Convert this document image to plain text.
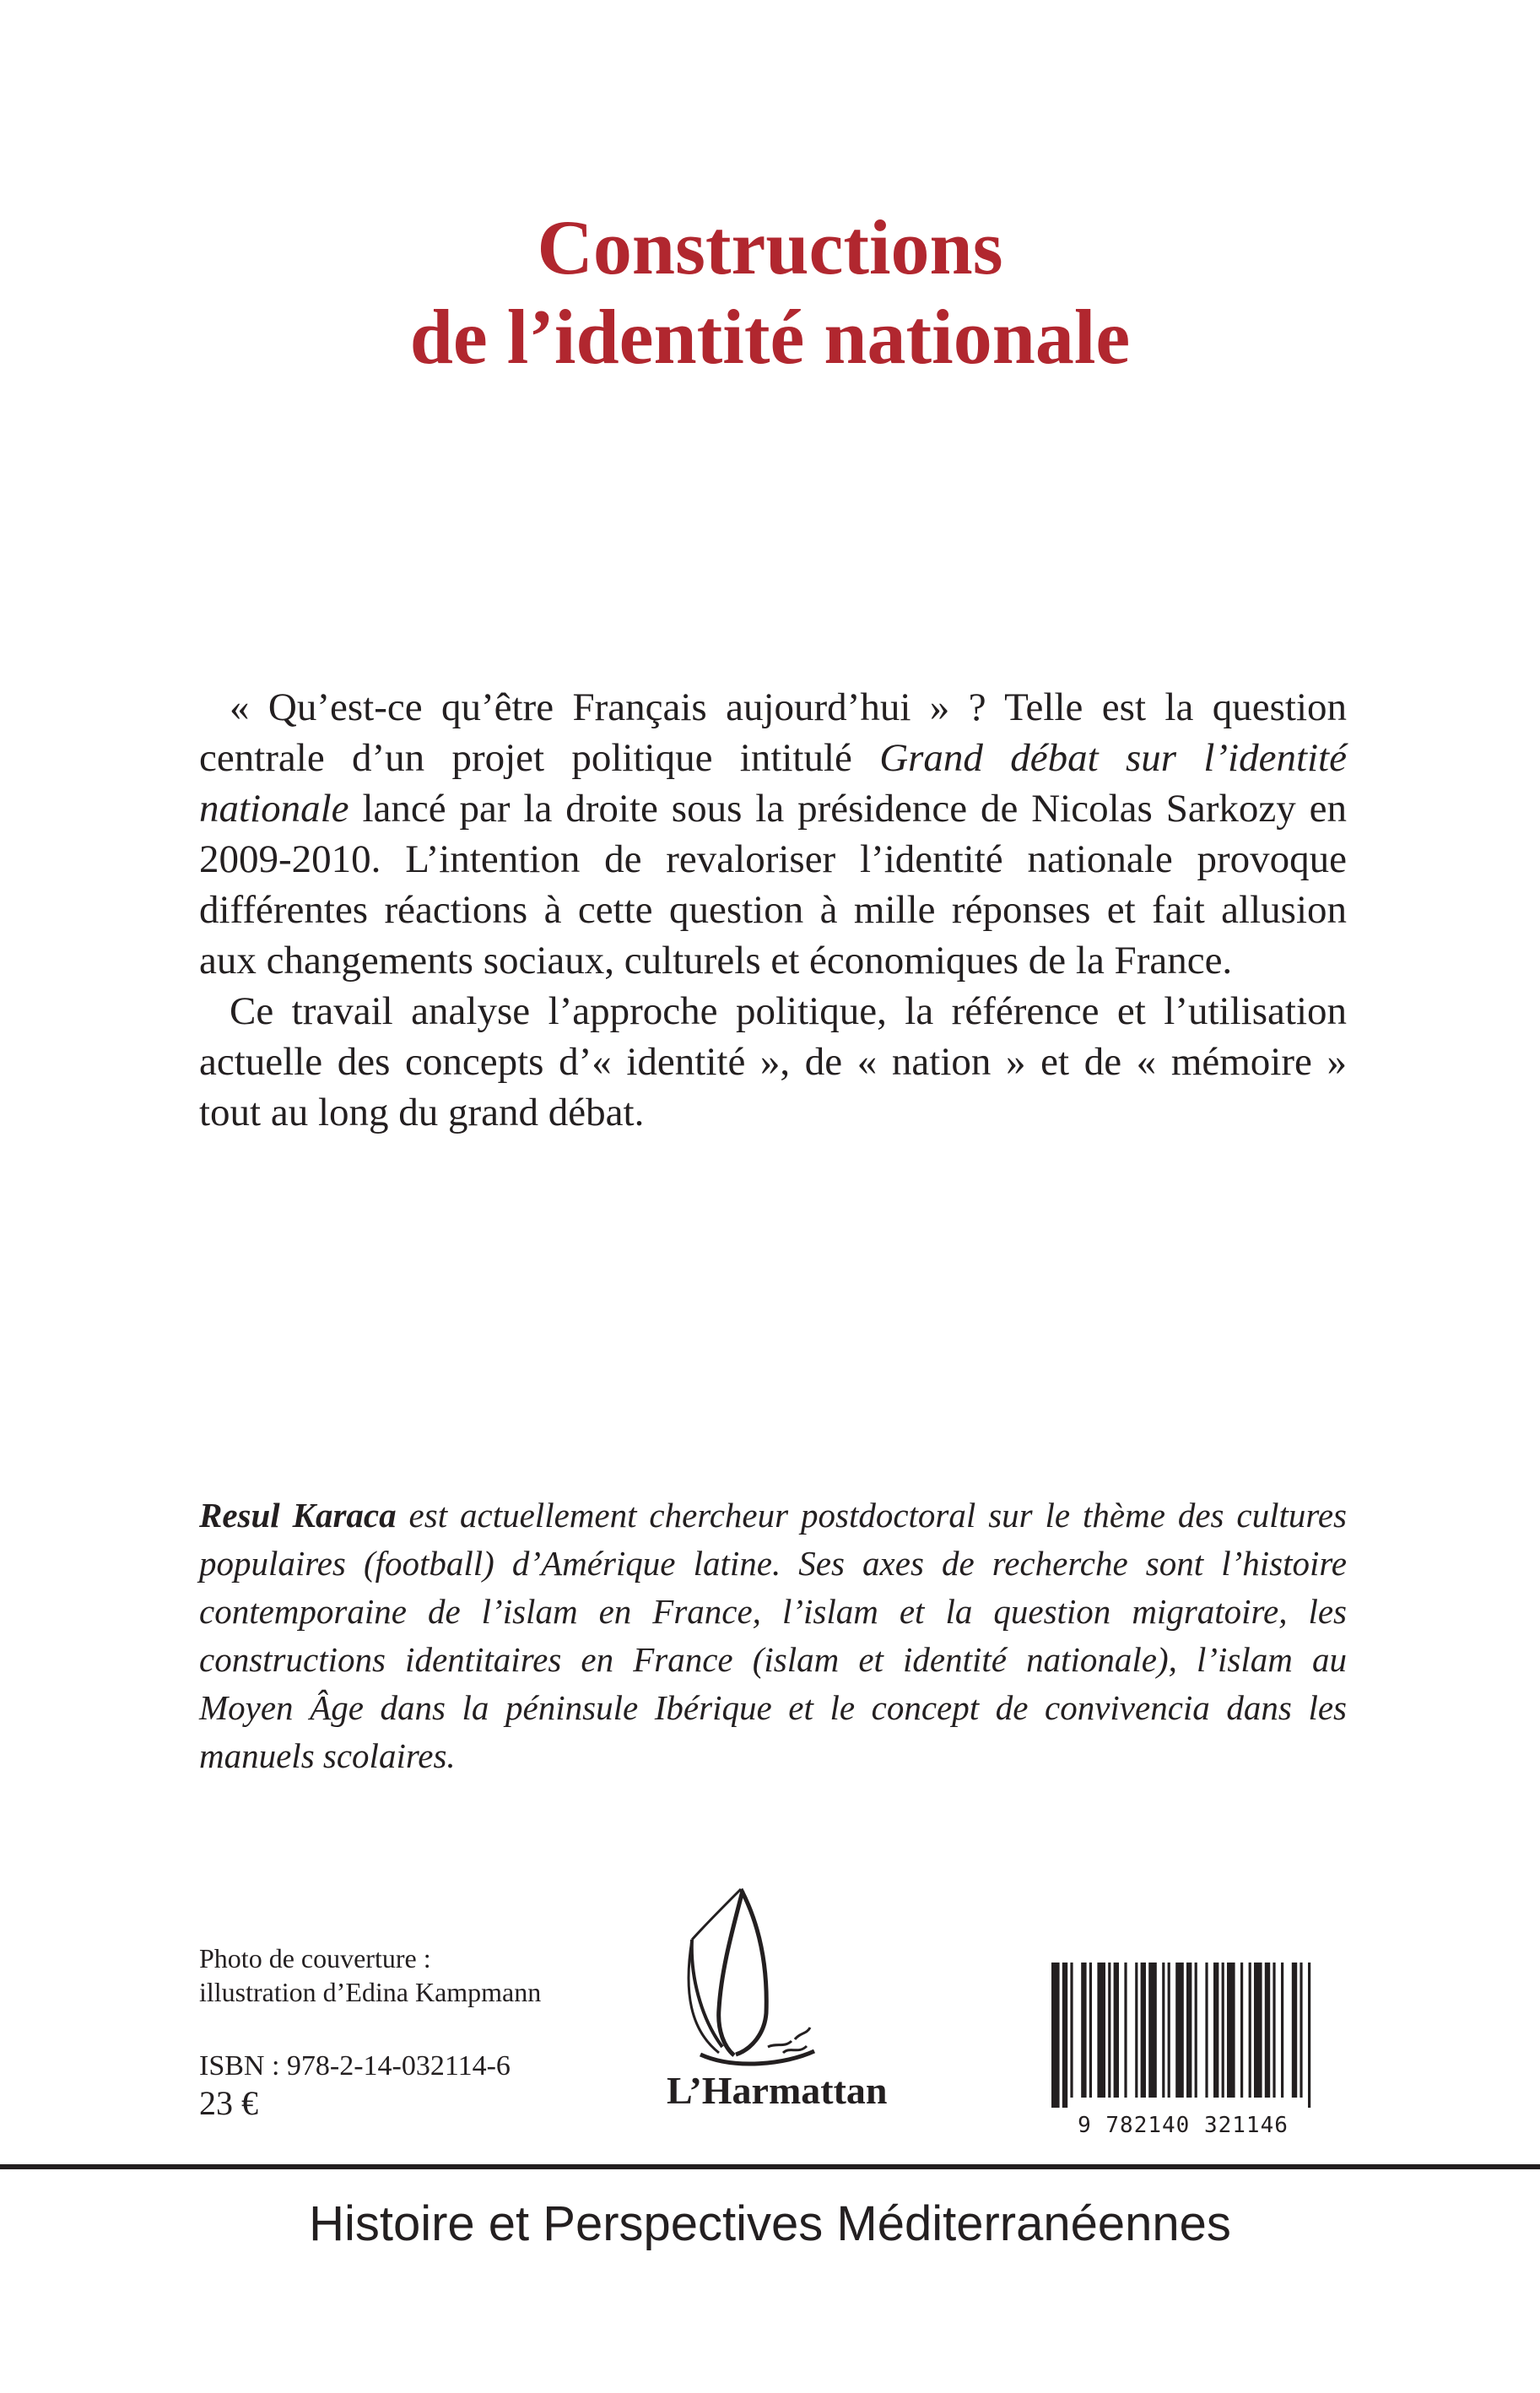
Constructions
de l’identité nationale

« Qu’est-ce qu’être Français aujourd’hui » ? Telle est la question centrale d’un projet politique intitulé Grand débat sur l’identité nationale lancé par la droite sous la présidence de Nicolas Sarkozy en 2009-2010. L’intention de revaloriser l’identité nationale provoque différentes réactions à cette question à mille réponses et fait allusion aux changements sociaux, culturels et économiques de la France.

Ce travail analyse l’approche politique, la référence et l’utilisation actuelle des concepts d’« identité », de « nation » et de « mémoire » tout au long du grand débat.

Resul Karaca est actuellement chercheur postdoctoral sur le thème des cultures populaires (football) d’Amérique latine. Ses axes de recherche sont l’histoire contemporaine de l’islam en France, l’islam et la question migratoire, les constructions identitaires en France (islam et identité nationale), l’islam au Moyen Âge dans la péninsule Ibérique et le concept de convivencia dans les manuels scolaires.
Photo de couverture :
illustration d’Edina Kampmann
ISBN : 978-2-14-032114-6
23 €	L’Harmattan
9 782140 321146
Histoire et Perspectives Méditerranéennes
